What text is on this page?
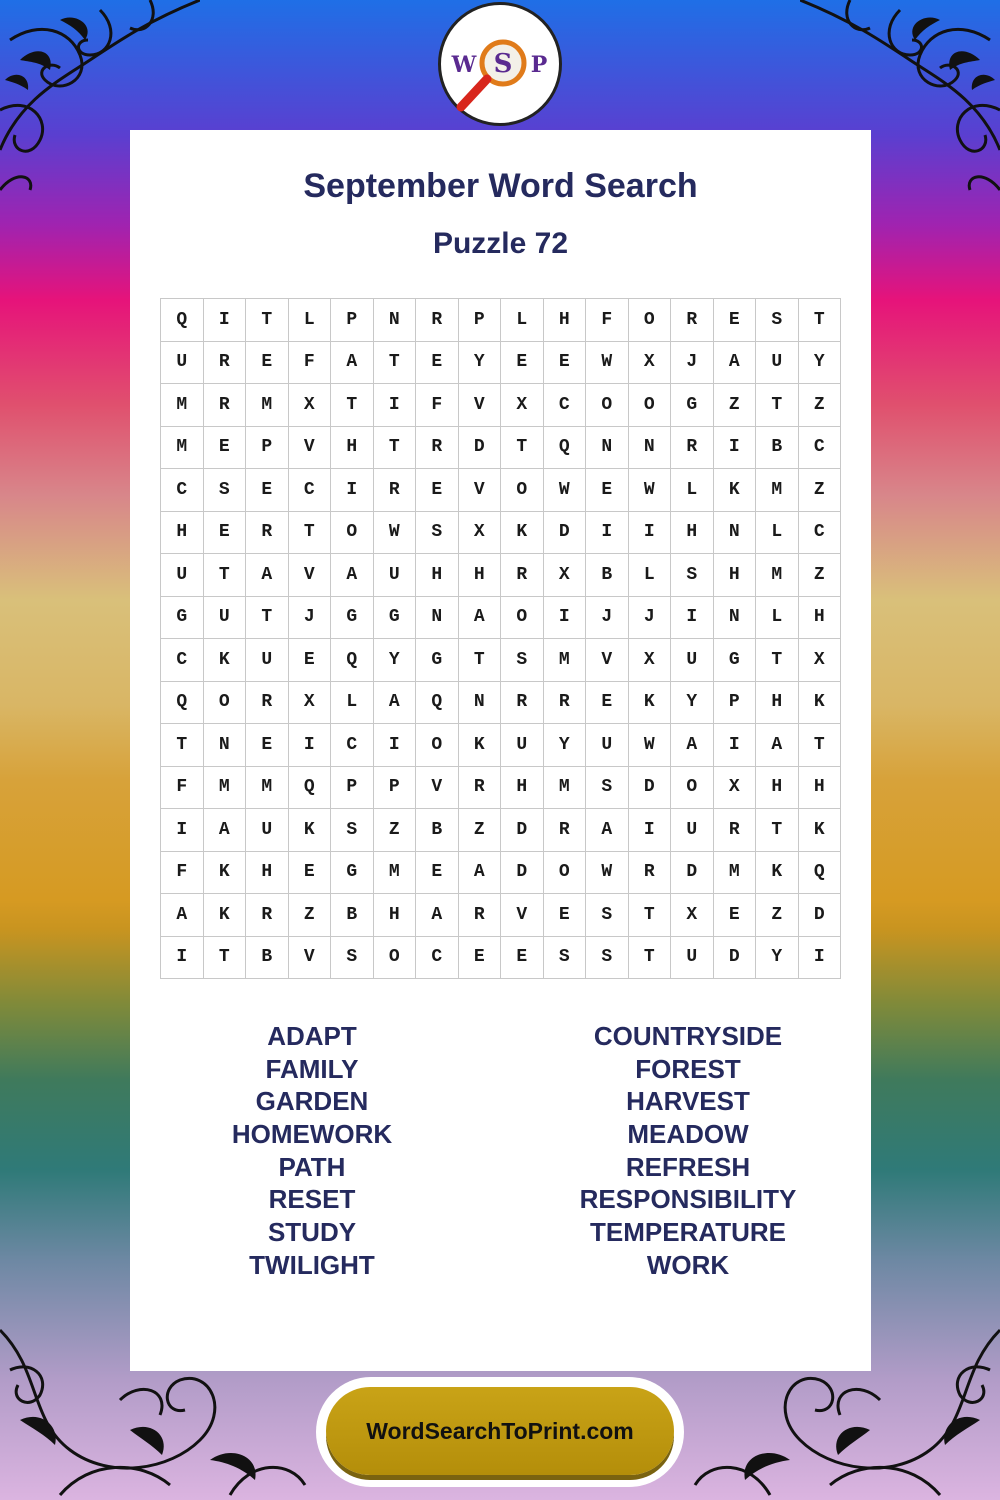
W S P
September Word Search
Puzzle 72
Q	I	T	L	P	N	R	P	L	H	F	O	R	E	S	T
U	R	E	F	A	T	E	Y	E	E	W	X	J	A	U	Y
M	R	M	X	T	I	F	V	X	C	O	O	G	Z	T	Z
M	E	P	V	H	T	R	D	T	Q	N	N	R	I	B	C
C	S	E	C	I	R	E	V	O	W	E	W	L	K	M	Z
H	E	R	T	O	W	S	X	K	D	I	I	H	N	L	C
U	T	A	V	A	U	H	H	R	X	B	L	S	H	M	Z
G	U	T	J	G	G	N	A	O	I	J	J	I	N	L	H
C	K	U	E	Q	Y	G	T	S	M	V	X	U	G	T	X
Q	O	R	X	L	A	Q	N	R	R	E	K	Y	P	H	K
T	N	E	I	C	I	O	K	U	Y	U	W	A	I	A	T
F	M	M	Q	P	P	V	R	H	M	S	D	O	X	H	H
I	A	U	K	S	Z	B	Z	D	R	A	I	U	R	T	K
F	K	H	E	G	M	E	A	D	O	W	R	D	M	K	Q
A	K	R	Z	B	H	A	R	V	E	S	T	X	E	Z	D
I	T	B	V	S	O	C	E	E	S	S	T	U	D	Y	I
ADAPT
FAMILY
GARDEN
HOMEWORK
PATH
RESET
STUDY
TWILIGHT
COUNTRYSIDE
FOREST
HARVEST
MEADOW
REFRESH
RESPONSIBILITY
TEMPERATURE
WORK
WordSearchToPrint.com
